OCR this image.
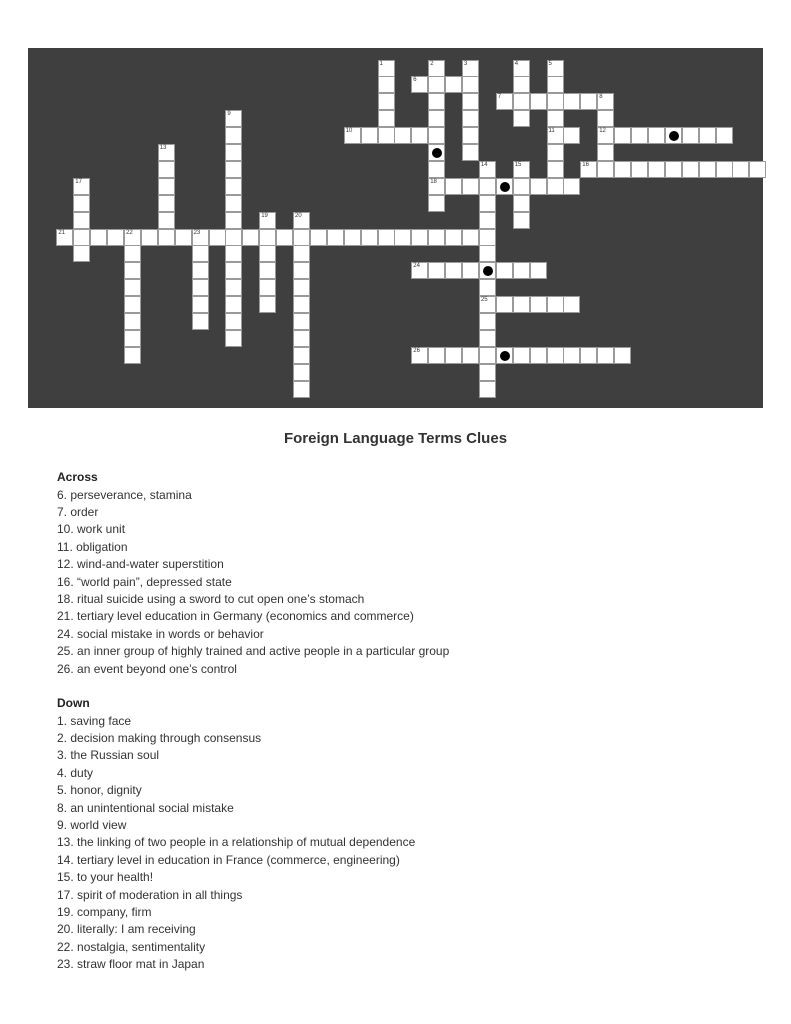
1	2
18
3	4	5
11
6
7	8
12
9
10
13
14
25
15	16
17
19	20
21	22	23
24
26
Foreign Language Terms Clues
Across
6. perseverance, stamina
7. order
10. work unit
11. obligation
12. wind-and-water superstition
16. “world pain”, depressed state
18. ritual suicide using a sword to cut open one’s stomach
21. tertiary level education in Germany (economics and commerce)
24. social mistake in words or behavior
25. an inner group of highly trained and active people in a particular group
26. an event beyond one’s control
Down
1. saving face
2. decision making through consensus
3. the Russian soul
4. duty
5. honor, dignity
8. an unintentional social mistake
9. world view
13. the linking of two people in a relationship of mutual dependence
14. tertiary level in education in France (commerce, engineering)
15. to your health!
17. spirit of moderation in all things
19. company, firm
20. literally: I am receiving
22. nostalgia, sentimentality
23. straw floor mat in Japan
